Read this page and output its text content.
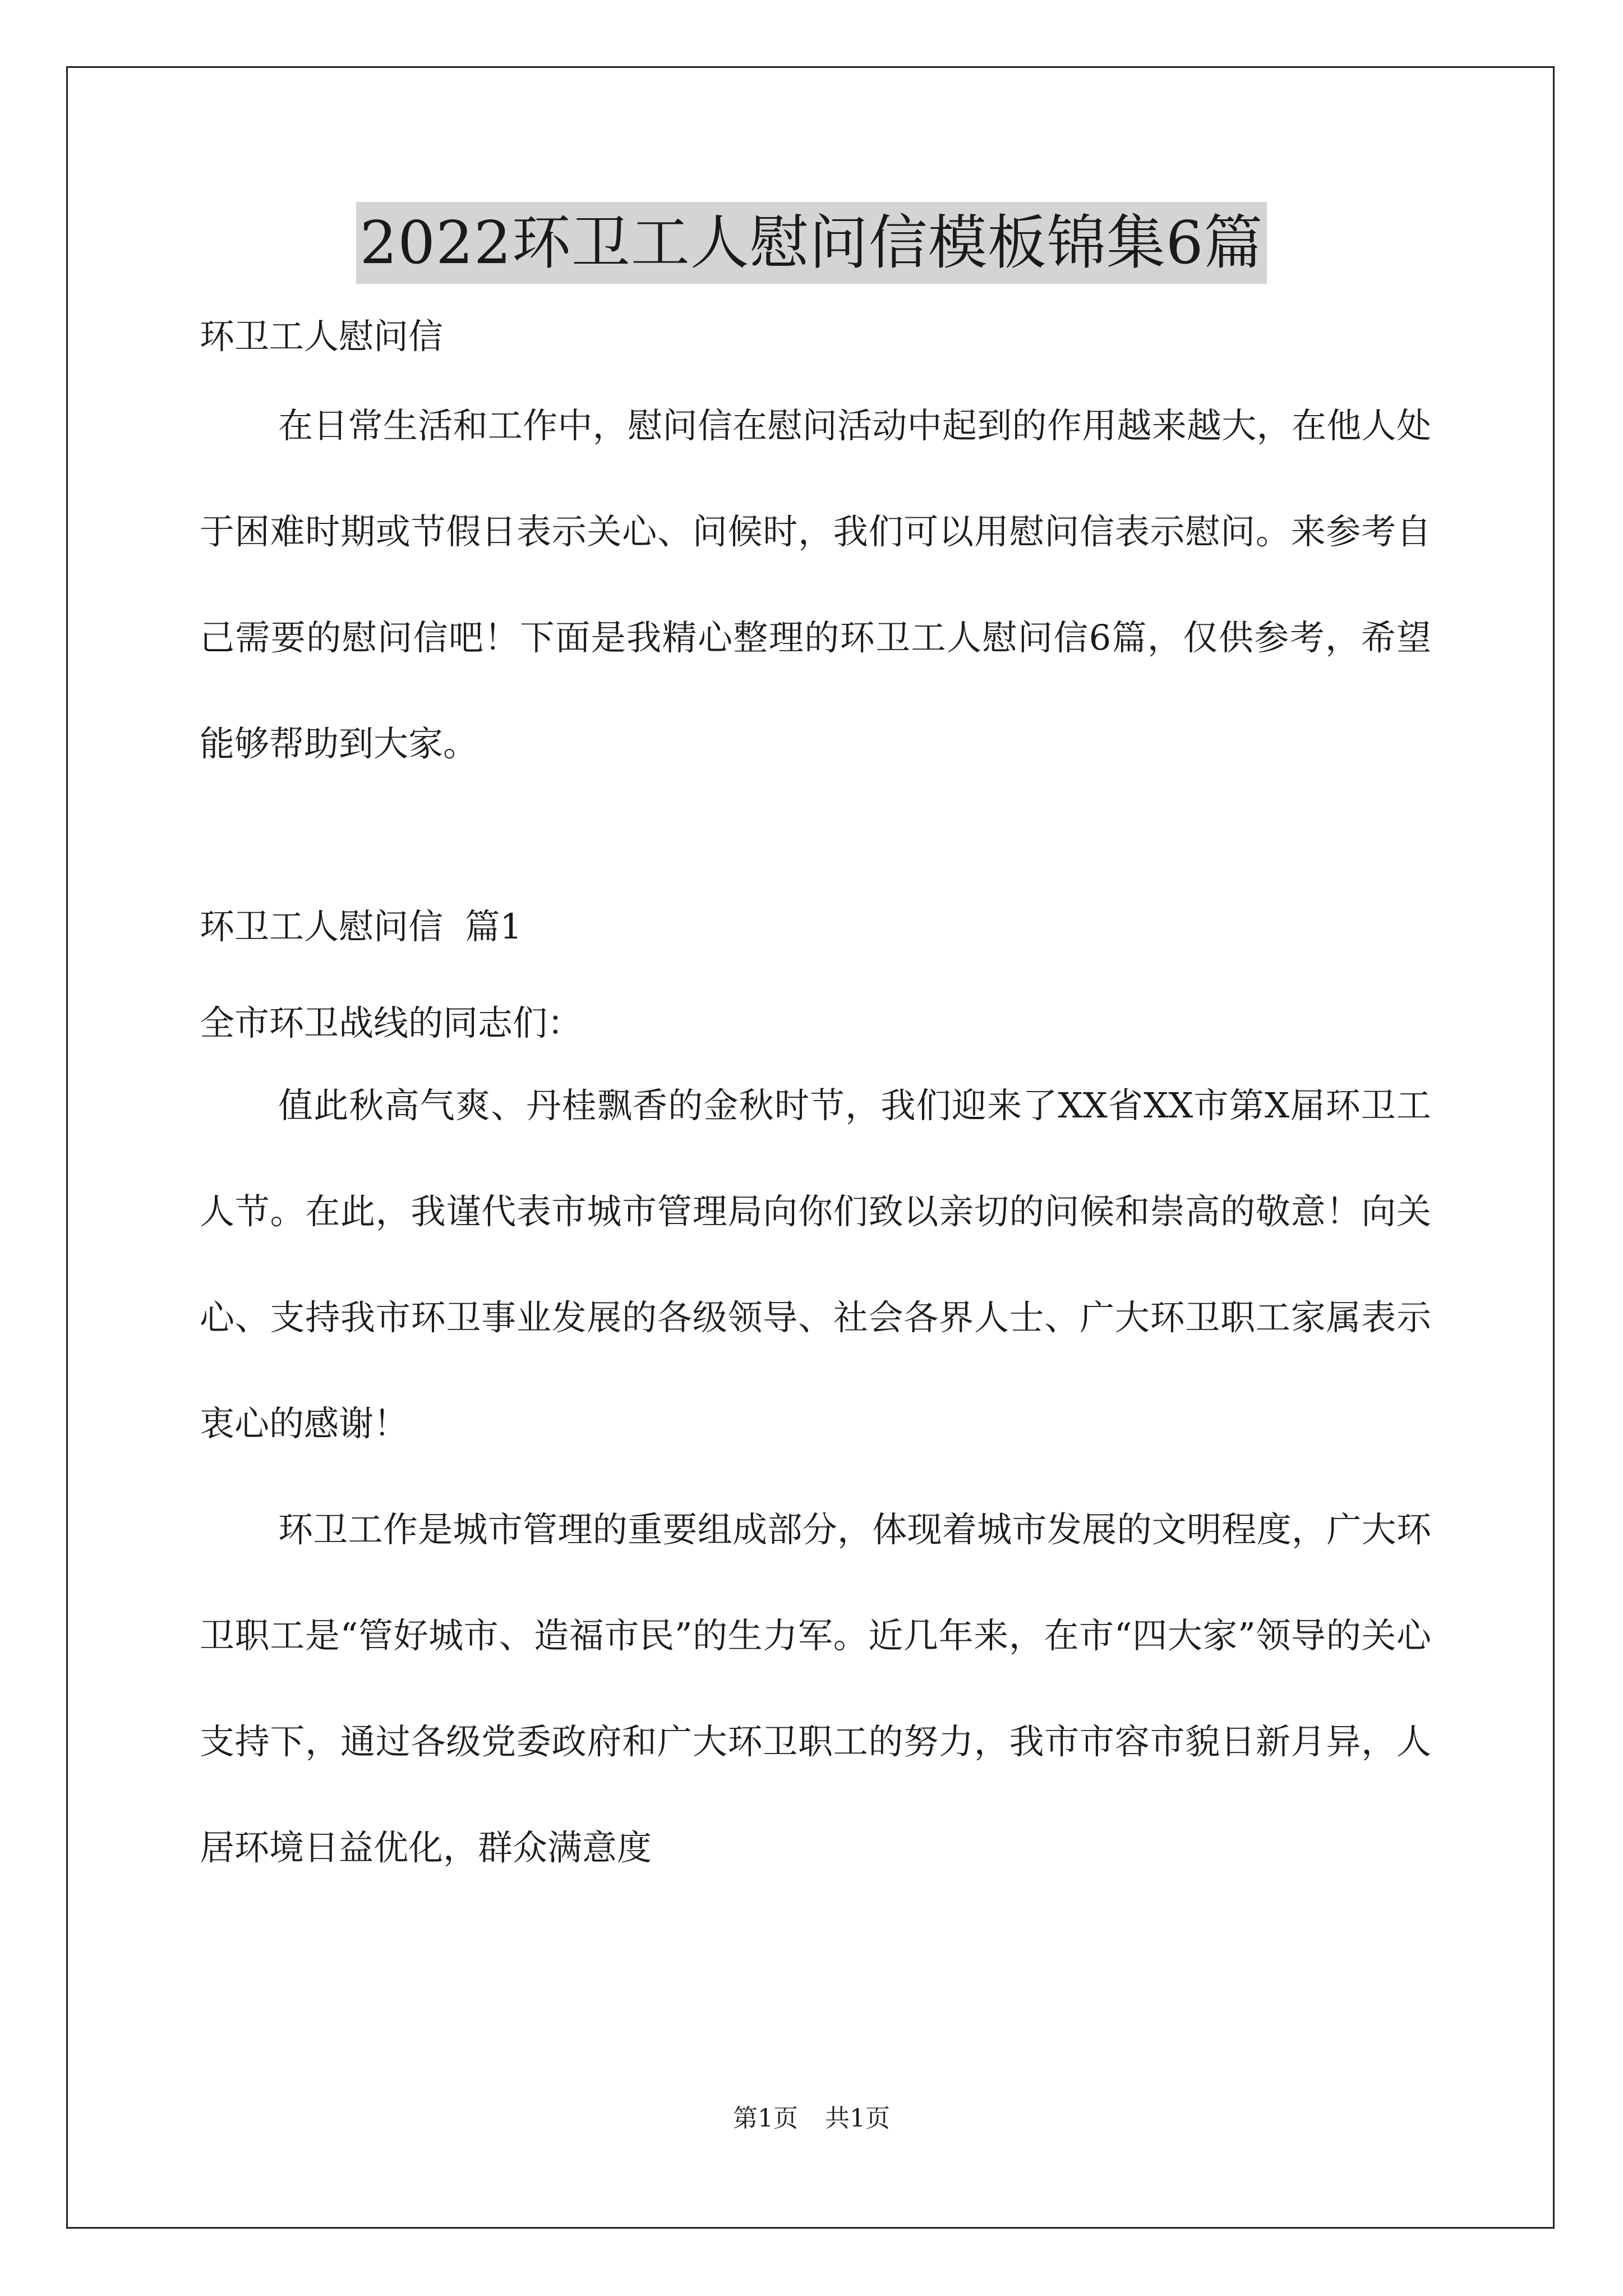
2022环卫工人慰问信模板锦集6篇

环卫工人慰问信

在日常生活和工作中，慰问信在慰问活动中起到的作用越来越大，在他人处于困难时期或节假日表示关心、问候时，我们可以用慰问信表示慰问。来参考自己需要的慰问信吧！下面是我精心整理的环卫工人慰问信6篇，仅供参考，希望能够帮助到大家。

环卫工人慰问信  篇1

全市环卫战线的同志们：

值此秋高气爽、丹桂飘香的金秋时节，我们迎来了XX省XX市第X届环卫工人节。在此，我谨代表市城市管理局向你们致以亲切的问候和崇高的敬意！向关心、支持我市环卫事业发展的各级领导、社会各界人士、广大环卫职工家属表示衷心的感谢！

环卫工作是城市管理的重要组成部分，体现着城市发展的文明程度，广大环卫职工是“管好城市、造福市民”的生力军。近几年来，在市“四大家”领导的关心支持下，通过各级党委政府和广大环卫职工的努力，我市市容市貌日新月异，人居环境日益优化，群众满意度

第1页 共1页
